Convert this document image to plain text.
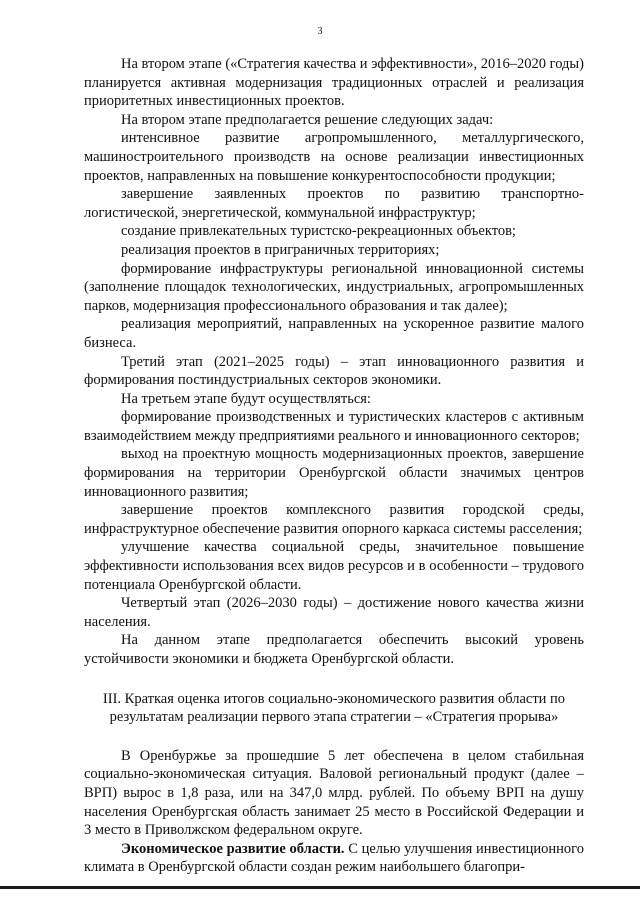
3

На втором этапе («Стратегия качества и эффективности», 2016–2020 годы) планируется активная модернизация традиционных отраслей и реализация приоритетных инвестиционных проектов.

На втором этапе предполагается решение следующих задач:

интенсивное развитие агропромышленного, металлургического, машиностроительного производств на основе реализации инвестиционных проектов, направленных на повышение конкурентоспособности продукции;

завершение заявленных проектов по развитию транспортно-логистической, энергетической, коммунальной инфраструктур;

создание привлекательных туристско-рекреационных объектов;

реализация проектов в приграничных территориях;

формирование инфраструктуры региональной инновационной системы (заполнение площадок технологических, индустриальных, агропромышленных парков, модернизация профессионального образования и так далее);

реализация мероприятий, направленных на ускоренное развитие малого бизнеса.

Третий этап (2021–2025 годы) – этап инновационного развития и формирования постиндустриальных секторов экономики.

На третьем этапе будут осуществляться:

формирование производственных и туристических кластеров с активным взаимодействием между предприятиями реального и инновационного секторов;

выход на проектную мощность модернизационных проектов, завершение формирования на территории Оренбургской области значимых центров инновационного развития;

завершение проектов комплексного развития городской среды, инфраструктурное обеспечение развития опорного каркаса системы расселения;

улучшение качества социальной среды, значительное повышение эффективности использования всех видов ресурсов и в особенности – трудового потенциала Оренбургской области.

Четвертый этап (2026–2030 годы) – достижение нового качества жизни населения.

На данном этапе предполагается обеспечить высокий уровень устойчивости экономики и бюджета Оренбургской области.

III. Краткая оценка итогов социально-экономического развития области по
результатам реализации первого этапа стратегии – «Стратегия прорыва»

В Оренбуржье за прошедшие 5 лет обеспечена в целом стабильная социально-экономическая ситуация. Валовой региональный продукт (далее – ВРП) вырос в 1,8 раза, или на 347,0 млрд. рублей. По объему ВРП на душу населения Оренбургская область занимает 25 место в Российской Федерации и 3 место в Приволжском федеральном округе.

Экономическое развитие области. С целью улучшения инвестиционного климата в Оренбургской области создан режим наибольшего благопри-
